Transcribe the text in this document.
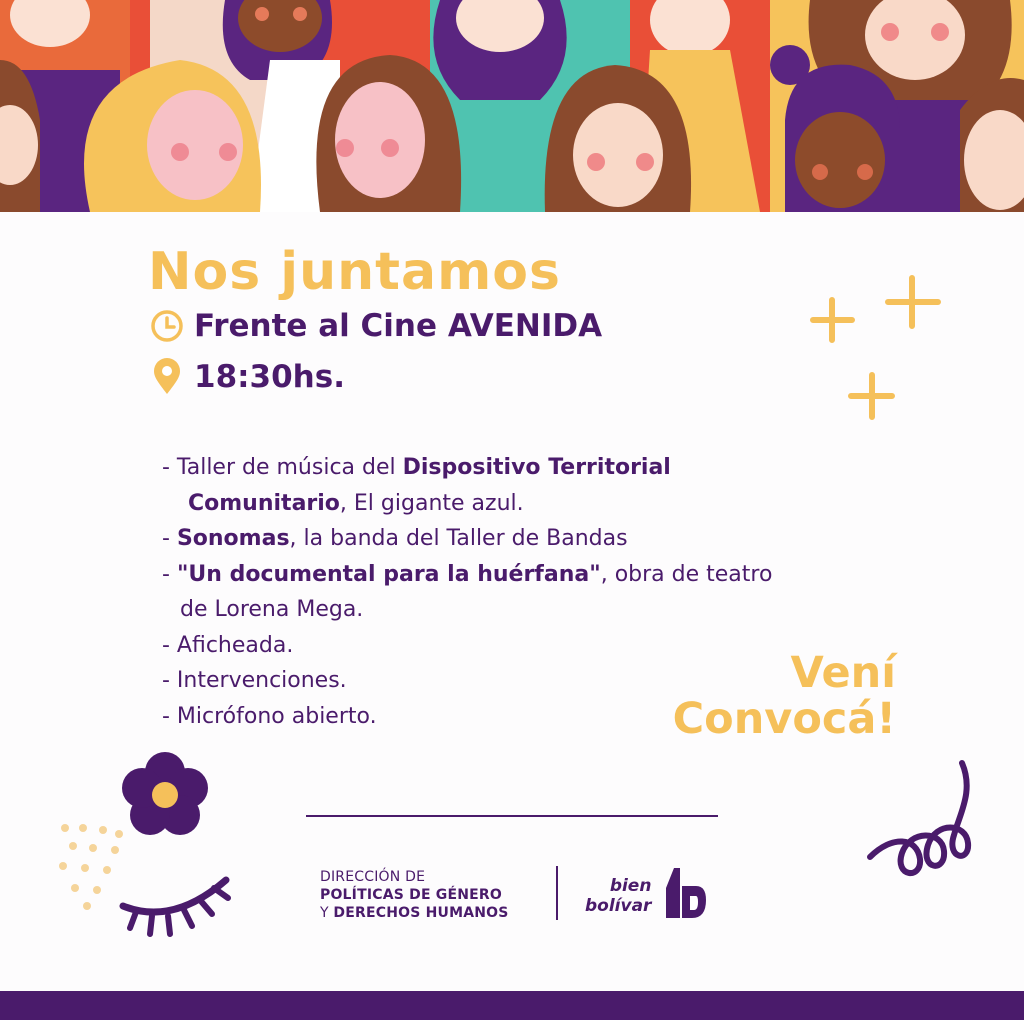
Nos juntamos
Frente al Cine AVENIDA
18:30hs.
- Taller de música del Dispositivo Territorial
Comunitario, El gigante azul.
- Sonomas, la banda del Taller de Bandas
- "Un documental para la huérfana", obra de teatro
de Lorena Mega.
- Aficheada.
- Intervenciones.
- Micrófono abierto.
Vení
Convocá!
DIRECCIÓN DE
POLÍTICAS DE GÉNERO
Y DERECHOS HUMANOS
bien
bolívar
